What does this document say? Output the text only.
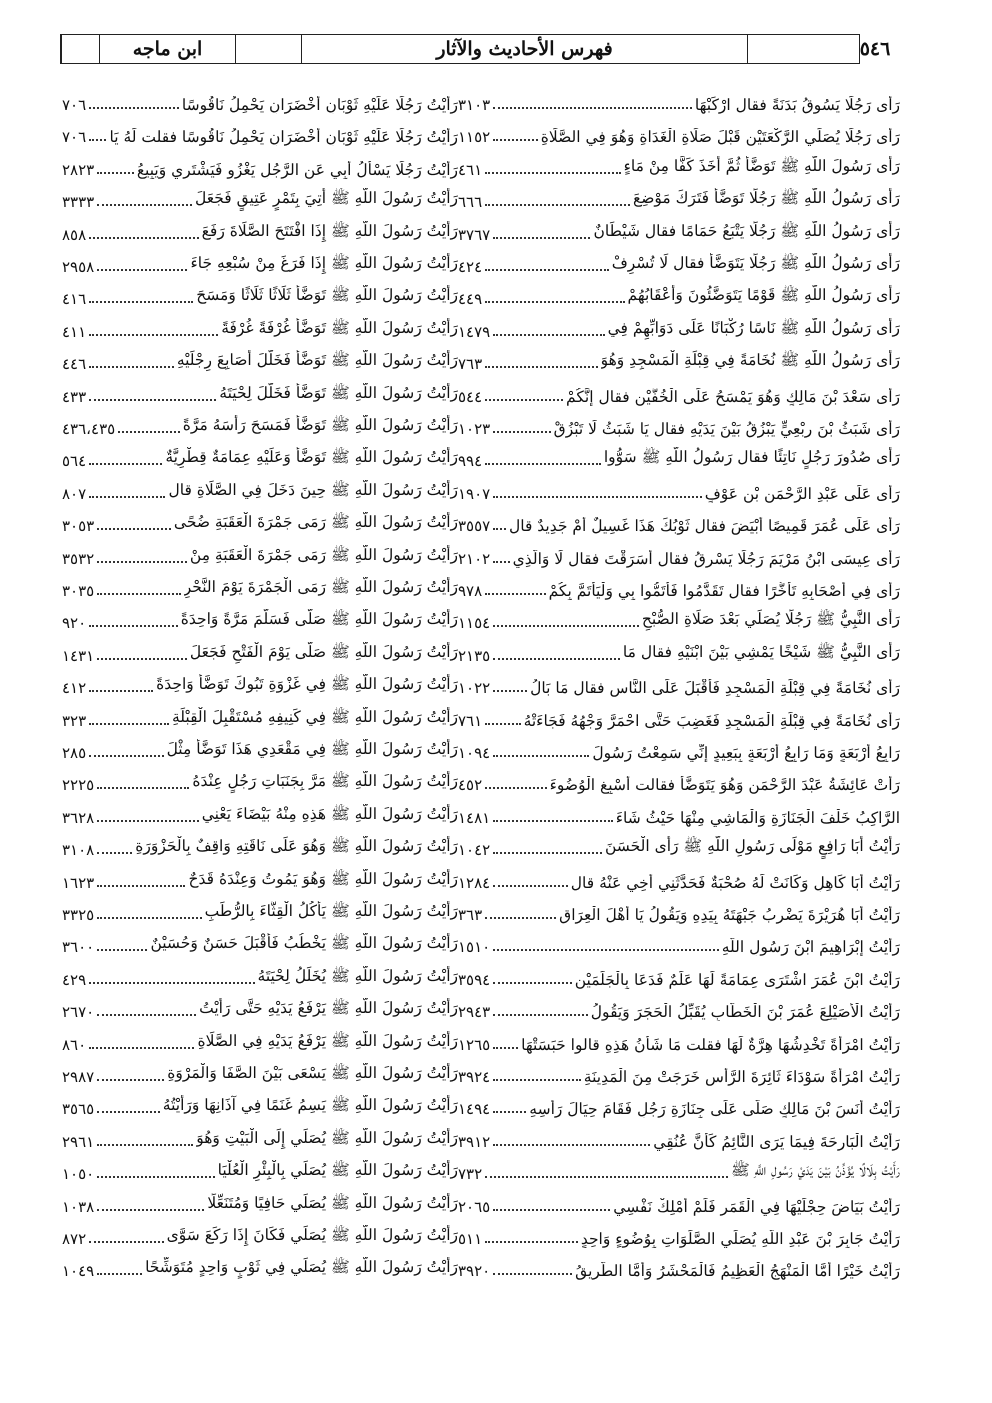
ابن ماجه	فهرس الأحاديث والآثار	٥٤٦
رَأَى رَجُلًا يَسُوقُ بَدَنَةً فقال ارْكَبْهَا
٣١٠٣
رَأَى رَجُلًا يُصَلِّي الرَّكْعَتَيْنِ قَبْلَ صَلَاةِ الْغَدَاةِ وَهُوَ فِي الصَّلَاةِ
١١٥٢
رَأَى رَسُولَ اللَّهِ ﷺ تَوَضَّأَ ثُمَّ أَخَذَ كَفًّا مِنْ مَاءٍ
٤٦١
رَأَى رَسُولُ اللَّهِ ﷺ رَجُلًا تَوَضَّأَ فَتَرَكَ مَوْضِعَ
٦٦٦
رَأَى رَسُولُ اللَّهِ ﷺ رَجُلًا يَتْبَعُ حَمَامًا فقال شَيْطَانٌ
٣٧٦٧
رَأَى رَسُولُ اللَّهِ ﷺ رَجُلًا يَتَوَضَّأُ فقال لَا تُسْرِفْ
٤٢٤
رَأَى رَسُولُ اللَّهِ ﷺ قَوْمًا يَتَوَضَّئُونَ وَأَعْقَابُهُمْ
٤٤٩
رَأَى رَسُولُ اللَّهِ ﷺ نَاسًا رُكْبَانًا عَلَى دَوَابِّهِمْ فِي
١٤٧٩
رَأَى رَسُولُ اللَّهِ ﷺ نُخَامَةً فِي قِبْلَةِ الْمَسْجِدِ وَهُوَ
٧٦٣
رَأَى سَعْدَ بْنَ مَالِكٍ وَهُوَ يَمْسَحُ عَلَى الْخُفَّيْنِ فقال إِنَّكُمْ
٥٤٤
رَأَى شَبَثُ بْنَ رِبْعِيٍّ يَبْزُقُ بَيْنَ يَدَيْهِ فقال يَا شَبَثُ لَا تَبْزُقْ
١٠٢٣
رَأَى صُدُورَ رَجُلٍ نَاتِئًا فقال رَسُولُ اللَّهِ ﷺ سَوُّوا
٩٩٤
رَأَى عَلَى عَبْدِ الرَّحْمَنِ بْنِ عَوْفٍ
١٩٠٧
رَأَى عَلَى عُمَرَ قَمِيصًا أَبْيَضَ فقال ثَوْبُكَ هَذَا غَسِيلٌ أَمْ جَدِيدٌ قال
٣٥٥٧
رَأَى عِيسَى ابْنُ مَرْيَمَ رَجُلًا يَسْرِقُ فقال أَسَرَقْتَ فقال لَا وَالَّذِي
٢١٠٢
رَأَى فِي أَصْحَابِهِ تَأَخُّرًا فقال تَقَدَّمُوا فَأْتَمُّوا بِي وَلْيَأْتَمَّ بِكُمْ
٩٧٨
رَأَى النَّبِيُّ ﷺ رَجُلًا يُصَلِّي بَعْدَ صَلَاةِ الصُّبْحِ
١١٥٤
رَأَى النَّبِيُّ ﷺ شَيْخًا يَمْشِي بَيْنَ ابْنَيْهِ فقال مَا
٢١٣٥
رَأَى نُخَامَةً فِي قِبْلَةِ الْمَسْجِدِ فَأَقْبَلَ عَلَى النَّاسِ فقال مَا بَالُ
١٠٢٢
رَأَى نُخَامَةً فِي قِبْلَةِ الْمَسْجِدِ فَغَضِبَ حَتَّى احْمَرَّ وَجْهُهُ فَجَاءَتْهُ
٧٦١
رَابِعُ أَرْبَعَةٍ وَمَا رَابِعُ أَرْبَعَةٍ بِبَعِيدٍ إِنِّي سَمِعْتُ رَسُولَ
١٠٩٤
رَأَتْ عَائِشَةُ عَبْدَ الرَّحْمَنِ وَهُوَ يَتَوَضَّأُ فقالت أَسْبِغِ الْوُضُوءَ
٤٥٢
الرَّاكِبُ خَلْفَ الْجَنَازَةِ وَالْمَاشِي مِنْهَا حَيْثُ شَاءَ
١٤٨١
رَأَيْتُ أَبَا رَافِعٍ مَوْلَى رَسُولِ اللَّهِ ﷺ رَأَى الْحَسَنَ
١٠٤٢
رَأَيْتُ أَبَا كَاهِلٍ وَكَانَتْ لَهُ صُحْبَةٌ فَحَدَّثَنِي أَخِي عَنْهُ قال
١٢٨٤
رَأَيْتُ أَبَا هُرَيْرَةَ يَضْرِبُ جَبْهَتَهُ بِيَدِهِ وَيَقُولُ يَا أَهْلَ الْعِرَاقِ
٣٦٣
رَأَيْتُ إِبْرَاهِيمَ ابْنَ رَسُولِ اللَّهِ
١٥١٠
رَأَيْتُ ابْنَ عُمَرَ اشْتَرَى عِمَامَةً لَهَا عَلَمٌ فَدَعَا بِالْجَلَمَيْنِ
٣٥٩٤
رَأَيْتُ الْأُصَيْلِعَ عُمَرَ بْنَ الْخَطَّابِ يُقَبِّلُ الْحَجَرَ وَيَقُولُ
٢٩٤٣
رَأَيْتُ امْرَأَةً تَخْدِشُهَا هِرَّةٌ لَهَا فقلت مَا شَأْنُ هَذِهِ قالوا حَبَسَتْهَا
١٢٦٥
رَأَيْتُ امْرَأَةً سَوْدَاءَ ثَائِرَةَ الرَّأْسِ خَرَجَتْ مِنَ الْمَدِينَةِ
٣٩٢٤
رَأَيْتُ أَنَسَ بْنَ مَالِكٍ صَلَّى عَلَى جِنَازَةِ رَجُلٍ فَقَامَ حِيَالَ رَأْسِهِ
١٤٩٤
رَأَيْتُ الْبَارِحَةَ فِيمَا يَرَى النَّائِمُ كَأَنَّ عُنُقِي
٣٩١٢
رَأَيْتُ بِلَالًا يُؤَذِّنُ بَيْنَ يَدَيْ رَسُولِ اللَّهِ ﷺ
٧٣٢
رَأَيْتُ بَيَاضَ حِجْلَيْهَا فِي الْقَمَرِ فَلَمْ أَمْلِكْ نَفْسِي
٢٠٦٥
رَأَيْتُ جَابِرَ بْنَ عَبْدِ اللَّهِ يُصَلِّي الصَّلَوَاتِ بِوُضُوءٍ وَاحِدٍ
٥١١
رَأَيْتُ خَيْرًا أَمَّا الْمَنْهَجُ الْعَظِيمُ فَالْمَحْشَرُ وَأَمَّا الطَّرِيقُ
٣٩٢٠
رَأَيْتُ رَجُلًا عَلَيْهِ ثَوْبَانِ أَخْضَرَانِ يَحْمِلُ نَاقُوسًا
٧٠٦
رَأَيْتُ رَجُلًا عَلَيْهِ ثَوْبَانِ أَخْضَرَانِ يَحْمِلُ نَاقُوسًا فقلت لَهُ يَا
٧٠٦
رَأَيْتُ رَجُلًا يَسْأَلُ أَبِي عَنِ الرَّجُلِ يَغْزُو فَيَشْتَرِي وَيَبِيعُ
٢٨٢٣
رَأَيْتُ رَسُولَ اللَّهِ ﷺ أُتِيَ بِتَمْرٍ عَتِيقٍ فَجَعَلَ
٣٣٣٣
رَأَيْتُ رَسُولَ اللَّهِ ﷺ إِذَا افْتَتَحَ الصَّلَاةَ رَفَعَ
٨٥٨
رَأَيْتُ رَسُولَ اللَّهِ ﷺ إِذَا فَرَغَ مِنْ سُبْعِهِ جَاءَ
٢٩٥٨
رَأَيْتُ رَسُولَ اللَّهِ ﷺ تَوَضَّأَ ثَلَاثًا ثَلَاثًا وَمَسَحَ
٤١٦
رَأَيْتُ رَسُولَ اللَّهِ ﷺ تَوَضَّأَ غُرْفَةً غُرْفَةً
٤١١
رَأَيْتُ رَسُولَ اللَّهِ ﷺ تَوَضَّأَ فَخَلَّلَ أَصَابِعَ رِجْلَيْهِ
٤٤٦
رَأَيْتُ رَسُولَ اللَّهِ ﷺ تَوَضَّأَ فَخَلَّلَ لِحْيَتَهُ
٤٣٣
رَأَيْتُ رَسُولَ اللَّهِ ﷺ تَوَضَّأَ فَمَسَحَ رَأْسَهُ مَرَّةً
٤٣٦،٤٣٥
رَأَيْتُ رَسُولَ اللَّهِ ﷺ تَوَضَّأَ وَعَلَيْهِ عِمَامَةٌ قِطْرِيَّةٌ
٥٦٤
رَأَيْتُ رَسُولَ اللَّهِ ﷺ حِينَ دَخَلَ فِي الصَّلَاةِ قال
٨٠٧
رَأَيْتُ رَسُولَ اللَّهِ ﷺ رَمَى جَمْرَةَ الْعَقَبَةِ ضُحًى
٣٠٥٣
رَأَيْتُ رَسُولَ اللَّهِ ﷺ رَمَى جَمْرَةَ الْعَقَبَةِ مِنْ
٣٥٣٢
رَأَيْتُ رَسُولَ اللَّهِ ﷺ رَمَى الْجَمْرَةَ يَوْمَ النَّحْرِ
٣٠٣٥
رَأَيْتُ رَسُولَ اللَّهِ ﷺ صَلَّى فَسَلَّمَ مَرَّةً وَاحِدَةً
٩٢٠
رَأَيْتُ رَسُولَ اللَّهِ ﷺ صَلَّى يَوْمَ الْفَتْحِ فَجَعَلَ
١٤٣١
رَأَيْتُ رَسُولَ اللَّهِ ﷺ فِي غَزْوَةِ تَبُوكَ تَوَضَّأَ وَاحِدَةً
٤١٢
رَأَيْتُ رَسُولَ اللَّهِ ﷺ فِي كَنِيفِهِ مُسْتَقْبِلَ الْقِبْلَةِ
٣٢٣
رَأَيْتُ رَسُولَ اللَّهِ ﷺ فِي مَقْعَدِي هَذَا تَوَضَّأَ مِثْلَ
٢٨٥
رَأَيْتُ رَسُولَ اللَّهِ ﷺ مَرَّ بِجَنَبَاتِ رَجُلٍ عِنْدَهُ
٢٢٢٥
رَأَيْتُ رَسُولَ اللَّهِ ﷺ هَذِهِ مِنْهُ بَيْضَاءَ يَعْنِي
٣٦٢٨
رَأَيْتُ رَسُولَ اللَّهِ ﷺ وَهُوَ عَلَى نَاقَتِهِ وَاقِفٌ بِالْحَزْوَرَةِ
٣١٠٨
رَأَيْتُ رَسُولَ اللَّهِ ﷺ وَهُوَ يَمُوتُ وَعِنْدَهُ قَدَحٌ
١٦٢٣
رَأَيْتُ رَسُولَ اللَّهِ ﷺ يَأْكُلُ الْقِثَّاءَ بِالرُّطَبِ
٣٣٢٥
رَأَيْتُ رَسُولَ اللَّهِ ﷺ يَخْطُبُ فَأَقْبَلَ حَسَنٌ وَحُسَيْنٌ
٣٦٠٠
رَأَيْتُ رَسُولَ اللَّهِ ﷺ يُخَلِّلُ لِحْيَتَهُ
٤٢٩
رَأَيْتُ رَسُولَ اللَّهِ ﷺ يَرْفَعُ يَدَيْهِ حَتَّى رَأَيْتُ
٢٦٧٠
رَأَيْتُ رَسُولَ اللَّهِ ﷺ يَرْفَعُ يَدَيْهِ فِي الصَّلَاةِ
٨٦٠
رَأَيْتُ رَسُولَ اللَّهِ ﷺ يَسْعَى بَيْنَ الصَّفَا وَالْمَرْوَةِ
٢٩٨٧
رَأَيْتُ رَسُولَ اللَّهِ ﷺ يَسِمُ غَنَمًا فِي آذَانِهَا وَرَأَيْتُهُ
٣٥٦٥
رَأَيْتُ رَسُولَ اللَّهِ ﷺ يُصَلِّي إِلَى الْبَيْتِ وَهُوَ
٢٩٦١
رَأَيْتُ رَسُولَ اللَّهِ ﷺ يُصَلِّي بِالْبِئْرِ الْعُلْيَا
١٠٥٠
رَأَيْتُ رَسُولَ اللَّهِ ﷺ يُصَلِّي حَافِيًا وَمُتَنَعِّلًا
١٠٣٨
رَأَيْتُ رَسُولَ اللَّهِ ﷺ يُصَلِّي فَكَانَ إِذَا رَكَعَ سَوَّى
٨٧٢
رَأَيْتُ رَسُولَ اللَّهِ ﷺ يُصَلِّي فِي ثَوْبٍ وَاحِدٍ مُتَوَشِّحًا
١٠٤٩
